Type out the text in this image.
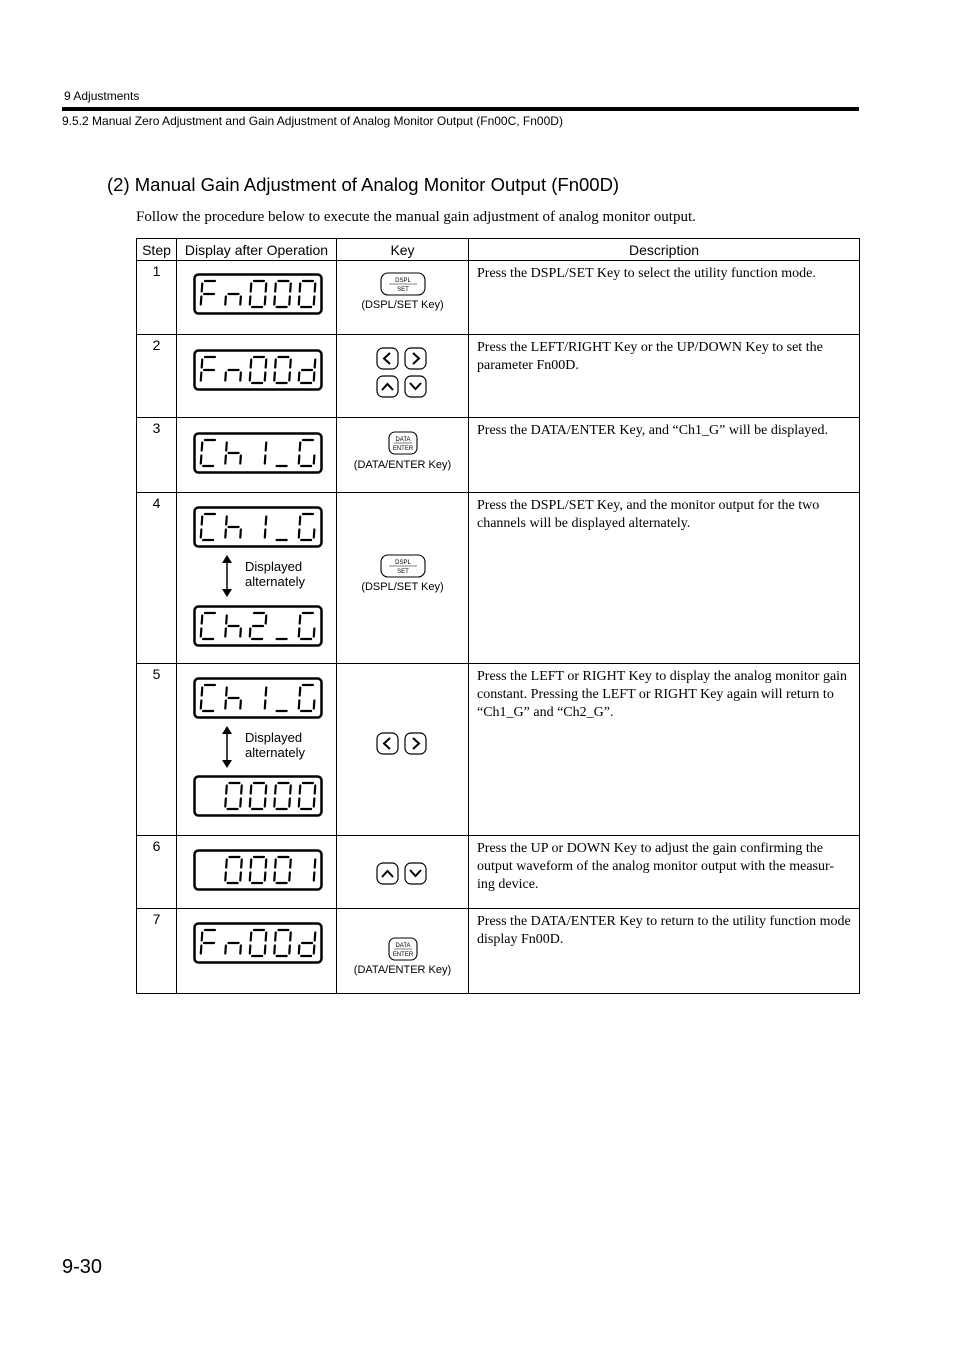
9 Adjustments
9.5.2 Manual Zero Adjustment and Gain Adjustment of Analog Monitor Output (Fn00C, Fn00D)
(2) Manual Gain Adjustment of Analog Monitor Output (Fn00D)
Follow the procedure below to execute the manual gain adjustment of analog monitor output.
Step	Display after Operation	Key	Description
1		DSPL
SET
(DSPL/SET Key)	Press the DSPL/SET Key to select the utility function mode.
2			Press the LEFT/RIGHT Key or the UP/DOWN Key to set the parameter Fn00D.
3		DATA
ENTER
(DATA/ENTER Key)	Press the DATA/ENTER Key, and “Ch1_G” will be displayed.
4	Displayed alternately	DSPL
SET
(DSPL/SET Key)	Press the DSPL/SET Key, and the monitor output for the two channels will be displayed alternately.
5	Displayed alternately		Press the LEFT or RIGHT Key to display the analog monitor gain constant. Pressing the LEFT or RIGHT Key again will return to “Ch1_G” and “Ch2_G”.
6			Press the UP or DOWN Key to adjust the gain confirming the output waveform of the analog monitor output with the measur-ing device.
7		DATA
ENTER
(DATA/ENTER Key)	Press the DATA/ENTER Key to return to the utility function mode display Fn00D.
9-30
